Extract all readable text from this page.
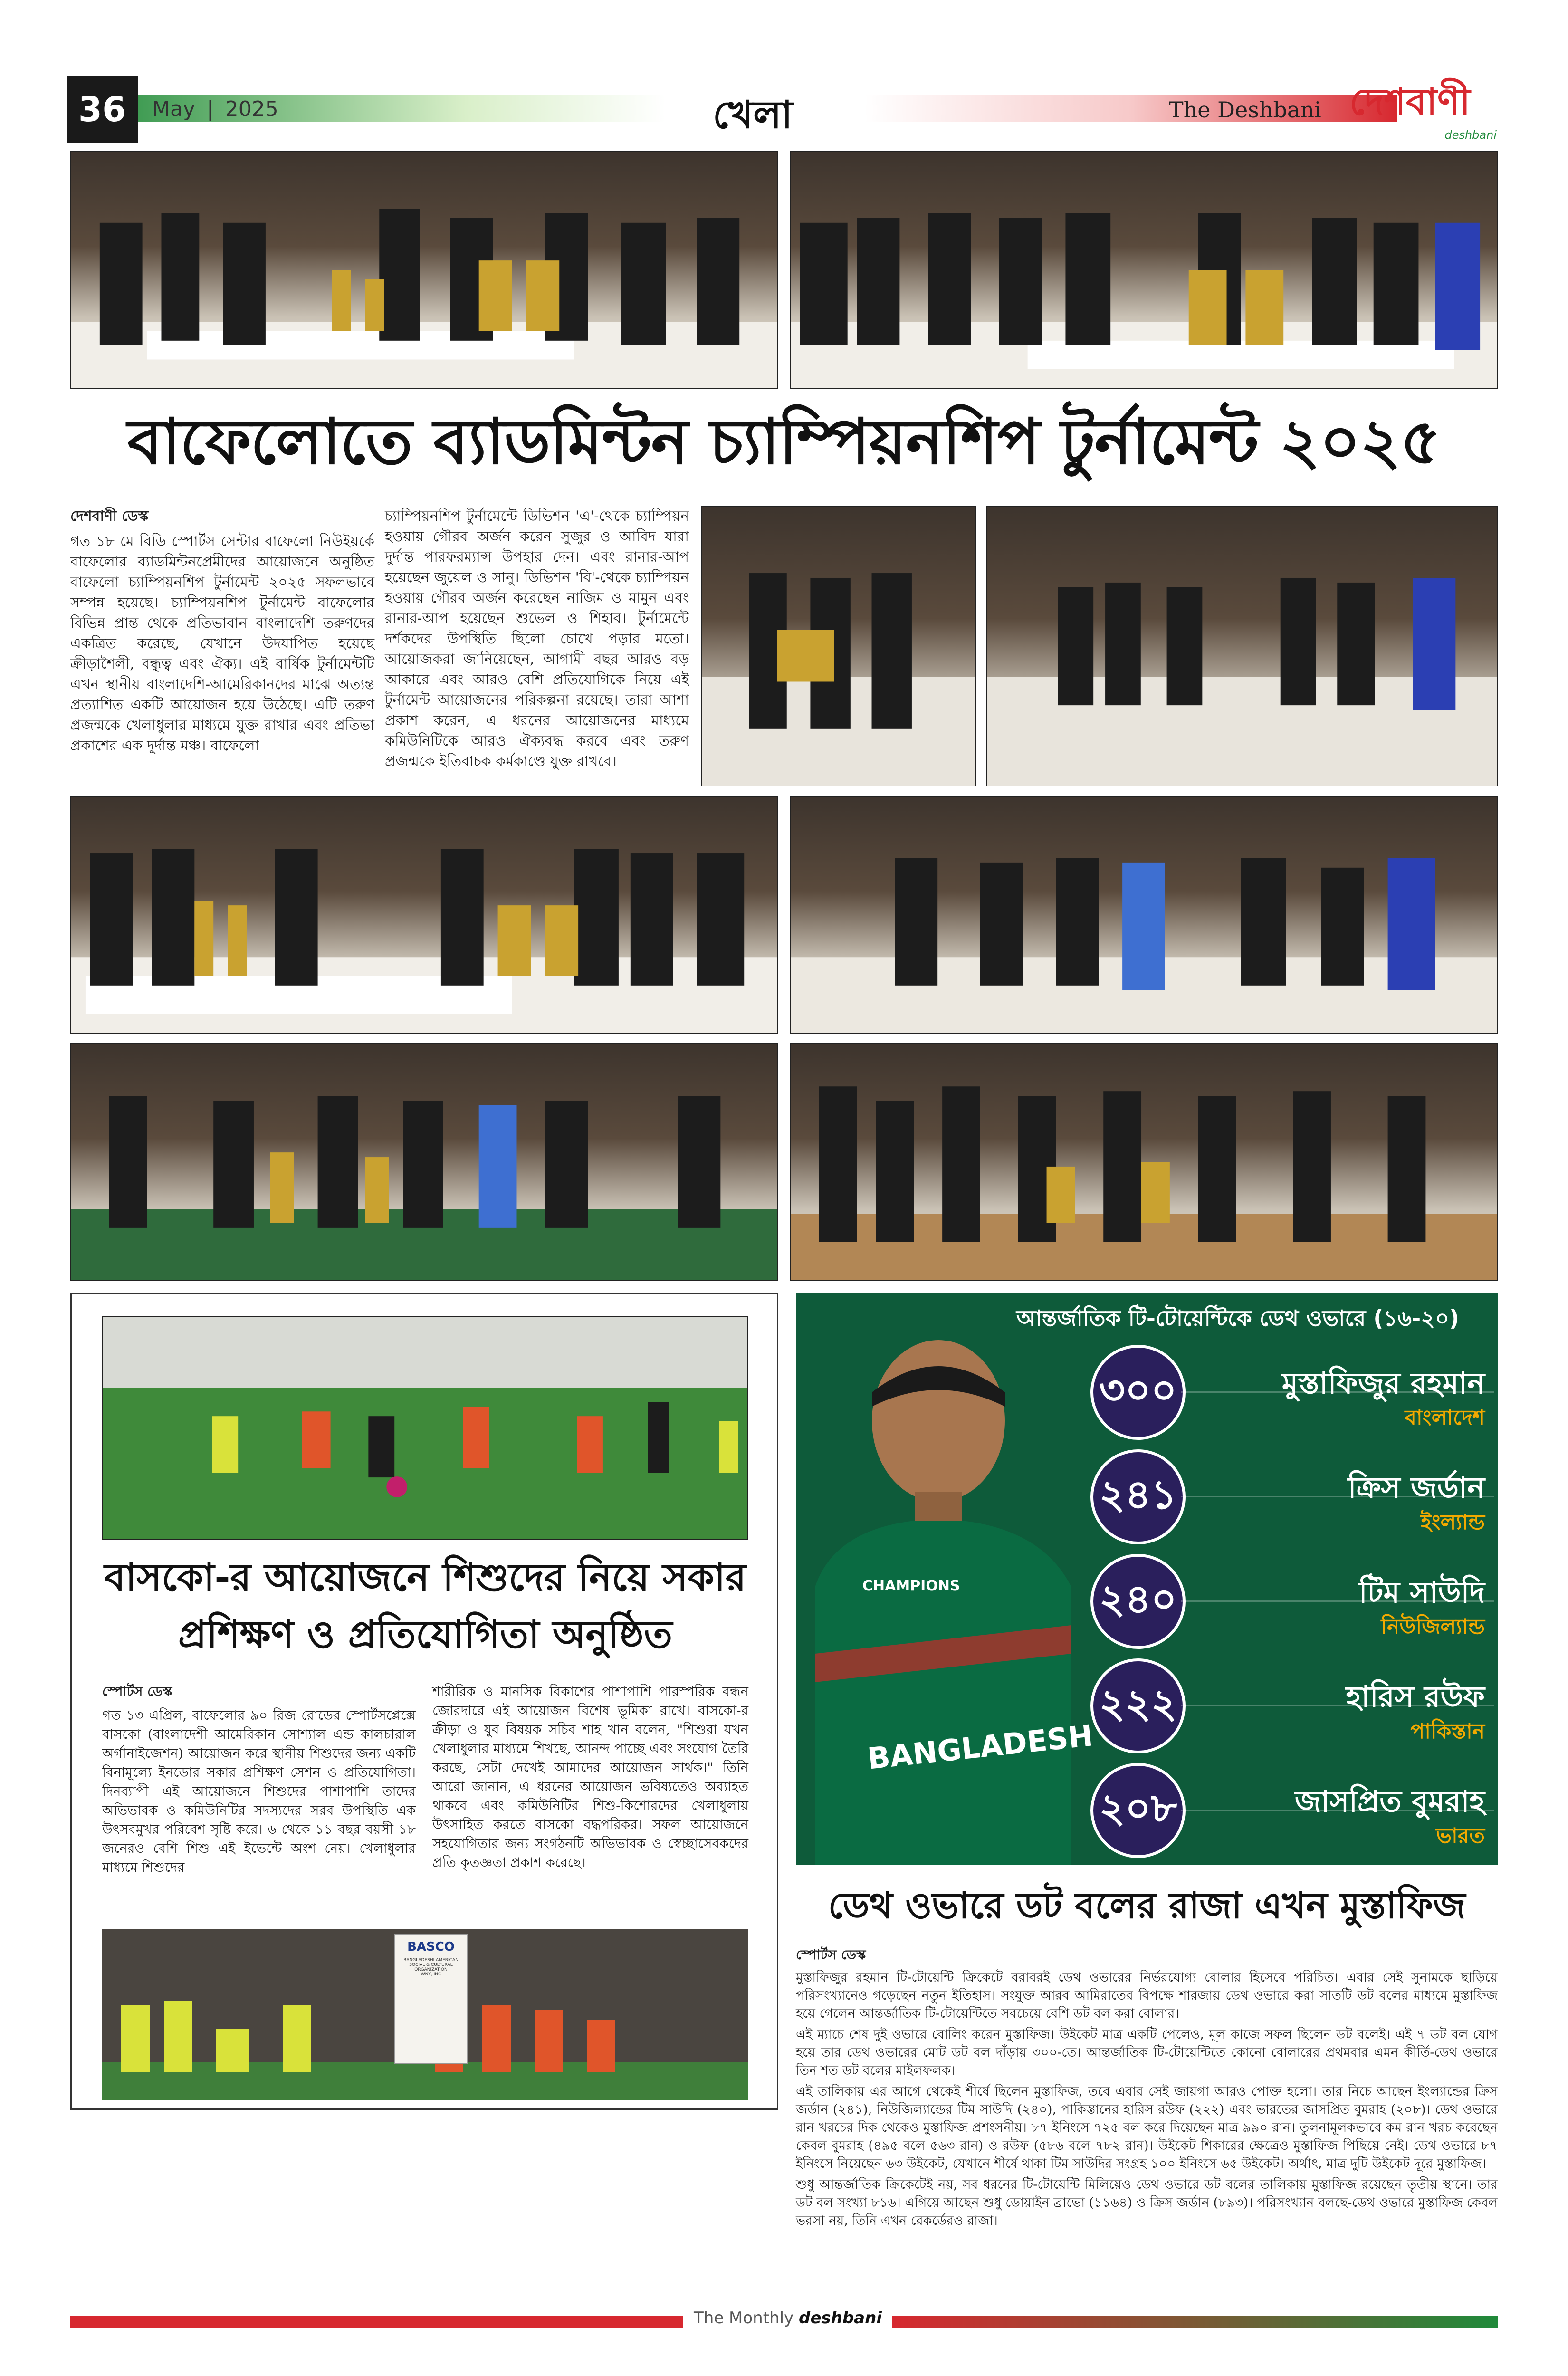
36	May | 2025	খেলা	The Deshbani দেশবাণী
deshbani
বাফেলোতে ব্যাডমিন্টন চ্যাম্পিয়নশিপ টুর্নামেন্ট ২০২৫
দেশবাণী ডেস্ক

গত ১৮ মে বিডি স্পোর্টস সেন্টার বাফেলো নিউইয়র্কে বাফেলোর ব্যাডমিন্টনপ্রেমীদের আয়োজনে অনুষ্ঠিত বাফেলো চ্যাম্পিয়নশিপ টুর্নামেন্ট ২০২৫ সফলভাবে সম্পন্ন হয়েছে। চ্যাম্পিয়নশিপ টুর্নামেন্ট বাফেলোর বিভিন্ন প্রান্ত থেকে প্রতিভাবান বাংলাদেশি তরুণদের একত্রিত করেছে, যেখানে উদযাপিত হয়েছে ক্রীড়াশৈলী, বন্ধুত্ব এবং ঐক্য। এই বার্ষিক টুর্নামেন্টটি এখন স্থানীয় বাংলাদেশি-আমেরিকানদের মাঝে অত্যন্ত প্রত্যাশিত একটি আয়োজন হয়ে উঠেছে। এটি তরুণ প্রজন্মকে খেলাধুলার মাধ্যমে যুক্ত রাখার এবং প্রতিভা প্রকাশের এক দুর্দান্ত মঞ্চ। বাফেলো

চ্যাম্পিয়নশিপ টুর্নামেন্টে ডিভিশন 'এ'-থেকে চ্যাম্পিয়ন হওয়ায় গৌরব অর্জন করেন সুজুর ও আবিদ যারা দুর্দান্ত পারফরম্যান্স উপহার দেন। এবং রানার-আপ হয়েছেন জুয়েল ও সানু। ডিভিশন 'বি'-থেকে চ্যাম্পিয়ন হওয়ায় গৌরব অর্জন করেছেন নাজিম ও মামুন এবং রানার-আপ হয়েছেন শুভেল ও শিহাব। টুর্নামেন্টে দর্শকদের উপস্থিতি ছিলো চোখে পড়ার মতো। আয়োজকরা জানিয়েছেন, আগামী বছর আরও বড় আকারে এবং আরও বেশি প্রতিযোগিকে নিয়ে এই টুর্নামেন্ট আয়োজনের পরিকল্পনা রয়েছে। তারা আশা প্রকাশ করেন, এ ধরনের আয়োজনের মাধ্যমে কমিউনিটিকে আরও ঐক্যবদ্ধ করবে এবং তরুণ প্রজন্মকে ইতিবাচক কর্মকাণ্ডে যুক্ত রাখবে।

বাসকো-র আয়োজনে শিশুদের নিয়ে সকার
প্রশিক্ষণ ও প্রতিযোগিতা অনুষ্ঠিত
স্পোর্টস ডেস্ক

গত ১৩ এপ্রিল, বাফেলোর ৯০ রিজ রোডের স্পোর্টসপ্লেক্সে বাসকো (বাংলাদেশী আমেরিকান সোশ্যাল এন্ড কালচারাল অর্গানাইজেশন) আয়োজন করে স্থানীয় শিশুদের জন্য একটি বিনামূল্যে ইনডোর সকার প্রশিক্ষণ সেশন ও প্রতিযোগিতা। দিনব্যাপী এই আয়োজনে শিশুদের পাশাপাশি তাদের অভিভাবক ও কমিউনিটির সদস্যদের সরব উপস্থিতি এক উৎসবমুখর পরিবেশ সৃষ্টি করে। ৬ থেকে ১১ বছর বয়সী ১৮ জনেরও বেশি শিশু এই ইভেন্টে অংশ নেয়। খেলাধুলার মাধ্যমে শিশুদের

শারীরিক ও মানসিক বিকাশের পাশাপাশি পারস্পরিক বন্ধন জোরদারে এই আয়োজন বিশেষ ভূমিকা রাখে। বাসকো-র ক্রীড়া ও যুব বিষয়ক সচিব শাহ খান বলেন, "শিশুরা যখন খেলাধুলার মাধ্যমে শিখছে, আনন্দ পাচ্ছে এবং সংযোগ তৈরি করছে, সেটা দেখেই আমাদের আয়োজন সার্থক।" তিনি আরো জানান, এ ধরনের আয়োজন ভবিষ্যতেও অব্যাহত থাকবে এবং কমিউনিটির শিশু-কিশোরদের খেলাধুলায় উৎসাহিত করতে বাসকো বদ্ধপরিকর। সফল আয়োজনে সহযোগিতার জন্য সংগঠনটি অভিভাবক ও স্বেচ্ছাসেবকদের প্রতি কৃতজ্ঞতা প্রকাশ করেছে।

BASCO
BANGLADESHI AMERICAN
SOCIAL & CULTURAL
ORGANIZATION
WNY, INC
আন্তর্জাতিক টি-টোয়েন্টিকে ডেথ ওভারে (১৬-২০)
CHAMPIONS
BANGLADESH
৩০০	মুস্তাফিজুর রহমান
বাংলাদেশ
২৪১	ক্রিস জর্ডান
ইংল্যান্ড
২৪০	টিম সাউদি
নিউজিল্যান্ড
২২২	হারিস রউফ
পাকিস্তান
২০৮	জাসপ্রিত বুমরাহ
ভারত
ডেথ ওভারে ডট বলের রাজা এখন মুস্তাফিজ
স্পোর্টস ডেস্ক

মুস্তাফিজুর রহমান টি-টোয়েন্টি ক্রিকেটে বরাবরই ডেথ ওভারের নির্ভরযোগ্য বোলার হিসেবে পরিচিত। এবার সেই সুনামকে ছাড়িয়ে পরিসংখ্যানেও গড়েছেন নতুন ইতিহাস। সংযুক্ত আরব আমিরাতের বিপক্ষে শারজায় ডেথ ওভারে করা সাতটি ডট বলের মাধ্যমে মুস্তাফিজ হয়ে গেলেন আন্তর্জাতিক টি-টোয়েন্টিতে সবচেয়ে বেশি ডট বল করা বোলার।

এই ম্যাচে শেষ দুই ওভারে বোলিং করেন মুস্তাফিজ। উইকেট মাত্র একটি পেলেও, মূল কাজে সফল ছিলেন ডট বলেই। এই ৭ ডট বল যোগ হয়ে তার ডেথ ওভারের মোট ডট বল দাঁড়ায় ৩০০-তে। আন্তর্জাতিক টি-টোয়েন্টিতে কোনো বোলারের প্রথমবার এমন কীর্তি-ডেথ ওভারে তিন শত ডট বলের মাইলফলক।

এই তালিকায় এর আগে থেকেই শীর্ষে ছিলেন মুস্তাফিজ, তবে এবার সেই জায়গা আরও পোক্ত হলো। তার নিচে আছেন ইংল্যান্ডের ক্রিস জর্ডান (২৪১), নিউজিল্যান্ডের টিম সাউদি (২৪০), পাকিস্তানের হারিস রউফ (২২২) এবং ভারতের জাসপ্রিত বুমরাহ (২০৮)। ডেথ ওভারে রান খরচের দিক থেকেও মুস্তাফিজ প্রশংসনীয়। ৮৭ ইনিংসে ৭২৫ বল করে দিয়েছেন মাত্র ৯৯০ রান। তুলনামূলকভাবে কম রান খরচ করেছেন কেবল বুমরাহ (৪৯৫ বলে ৫৬৩ রান) ও রউফ (৫৮৬ বলে ৭৮২ রান)। উইকেট শিকারের ক্ষেত্রেও মুস্তাফিজ পিছিয়ে নেই। ডেথ ওভারে ৮৭ ইনিংসে নিয়েছেন ৬৩ উইকেট, যেখানে শীর্ষে থাকা টিম সাউদির সংগ্রহ ১০০ ইনিংসে ৬৫ উইকেট। অর্থাৎ, মাত্র দুটি উইকেট দূরে মুস্তাফিজ।

শুধু আন্তর্জাতিক ক্রিকেটেই নয়, সব ধরনের টি-টোয়েন্টি মিলিয়েও ডেথ ওভারে ডট বলের তালিকায় মুস্তাফিজ রয়েছেন তৃতীয় স্থানে। তার ডট বল সংখ্যা ৮১৬। এগিয়ে আছেন শুধু ডোয়াইন ব্রাভো (১১৬৪) ও ক্রিস জর্ডান (৮৯৩)। পরিসংখ্যান বলছে-ডেথ ওভারে মুস্তাফিজ কেবল ভরসা নয়, তিনি এখন রেকর্ডেরও রাজা।

The Monthly deshbani
